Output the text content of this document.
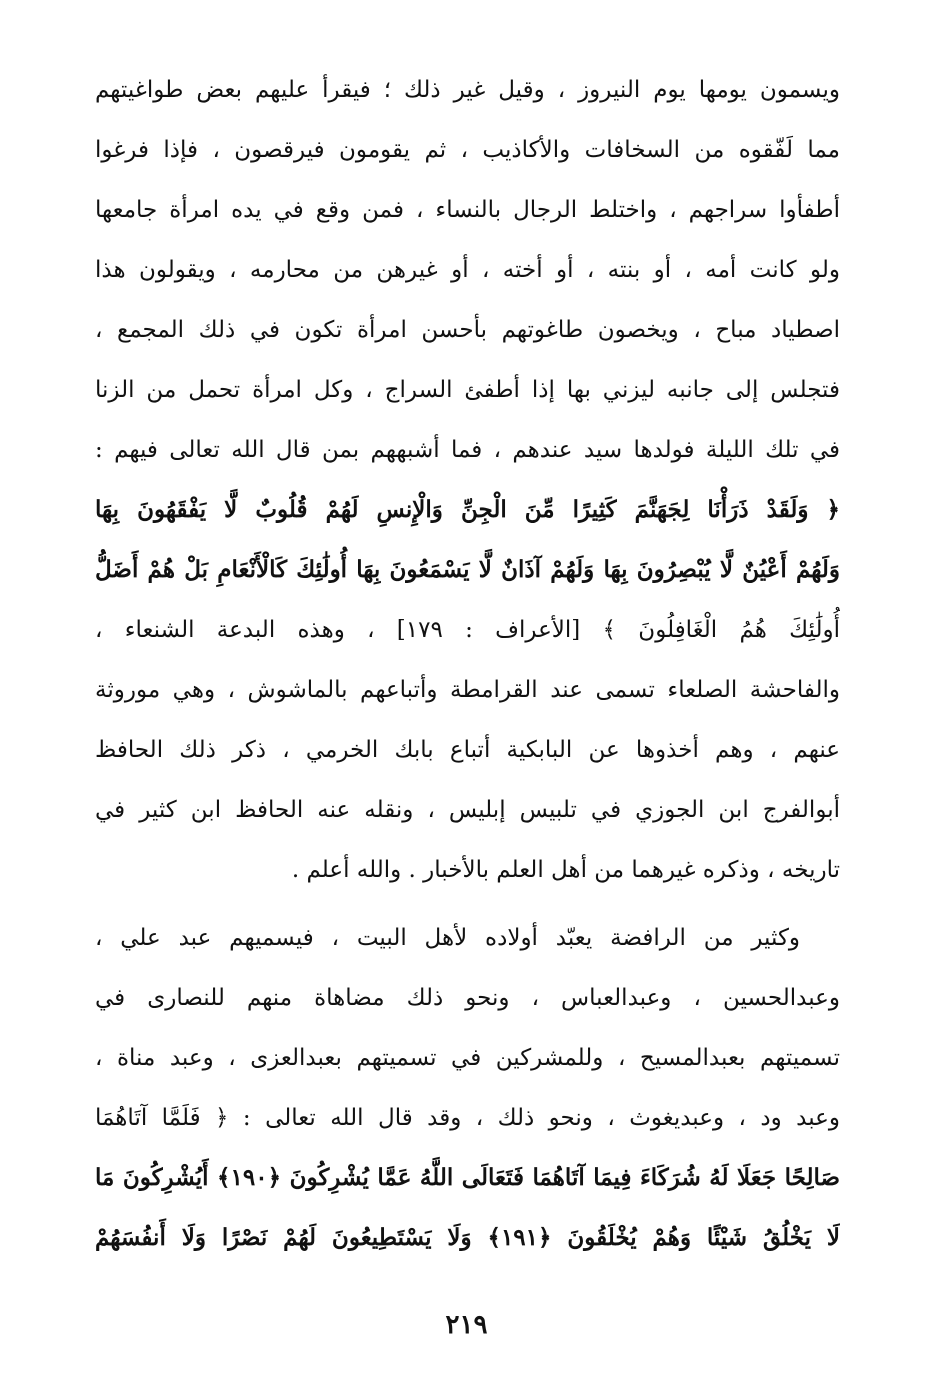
ويسمون يومها يوم النيروز ، وقيل غير ذلك ؛ فيقرأ عليهم بعض طواغيتهم
مما لَفّقوه من السخافات والأكاذيب ، ثم يقومون فيرقصون ، فإذا فرغوا
أطفأوا سراجهم ، واختلط الرجال بالنساء ، فمن وقع في يده امرأة جامعها
ولو كانت أمه ، أو بنته ، أو أخته ، أو غيرهن من محارمه ، ويقولون هذا
اصطياد مباح ، ويخصون طاغوتهم بأحسن امرأة تكون في ذلك المجمع ،
فتجلس إلى جانبه ليزني بها إذا أطفئ السراج ، وكل امرأة تحمل من الزنا
في تلك الليلة فولدها سيد عندهم ، فما أشبههم بمن قال الله تعالى فيهم :
﴿ وَلَقَدْ ذَرَأْنَا لِجَهَنَّمَ كَثِيرًا مِّنَ الْجِنِّ وَالْإِنسِ لَهُمْ قُلُوبٌ لَّا يَفْقَهُونَ بِهَا
وَلَهُمْ أَعْيُنٌ لَّا يُبْصِرُونَ بِهَا وَلَهُمْ آذَانٌ لَّا يَسْمَعُونَ بِهَا أُولَٰئِكَ كَالْأَنْعَامِ بَلْ هُمْ أَضَلُّ
أُولَٰئِكَ هُمُ الْغَافِلُونَ ﴾ [الأعراف : ١٧٩] ، وهذه البدعة الشنعاء ،
والفاحشة الصلعاء تسمى عند القرامطة وأتباعهم بالماشوش ، وهي موروثة
عنهم ، وهم أخذوها عن البابكية أتباع بابك الخرمي ، ذكر ذلك الحافظ
أبوالفرج ابن الجوزي في تلبيس إبليس ، ونقله عنه الحافظ ابن كثير في
تاريخه ، وذكره غيرهما من أهل العلم بالأخبار . والله أعلم .
وكثير من الرافضة يعبّد أولاده لأهل البيت ، فيسميهم عبد علي ،
وعبدالحسين ، وعبدالعباس ، ونحو ذلك مضاهاة منهم للنصارى في
تسميتهم بعبدالمسيح ، وللمشركين في تسميتهم بعبدالعزى ، وعبد مناة ،
وعبد ود ، وعبديغوث ، ونحو ذلك ، وقد قال الله تعالى : ﴿ فَلَمَّا آتَاهُمَا
صَالِحًا جَعَلَا لَهُ شُرَكَاءَ فِيمَا آتَاهُمَا فَتَعَالَى اللَّهُ عَمَّا يُشْرِكُونَ ﴿١٩٠﴾ أَيُشْرِكُونَ مَا
لَا يَخْلُقُ شَيْئًا وَهُمْ يُخْلَقُونَ ﴿١٩١﴾ وَلَا يَسْتَطِيعُونَ لَهُمْ نَصْرًا وَلَا أَنفُسَهُمْ
٢١٩
